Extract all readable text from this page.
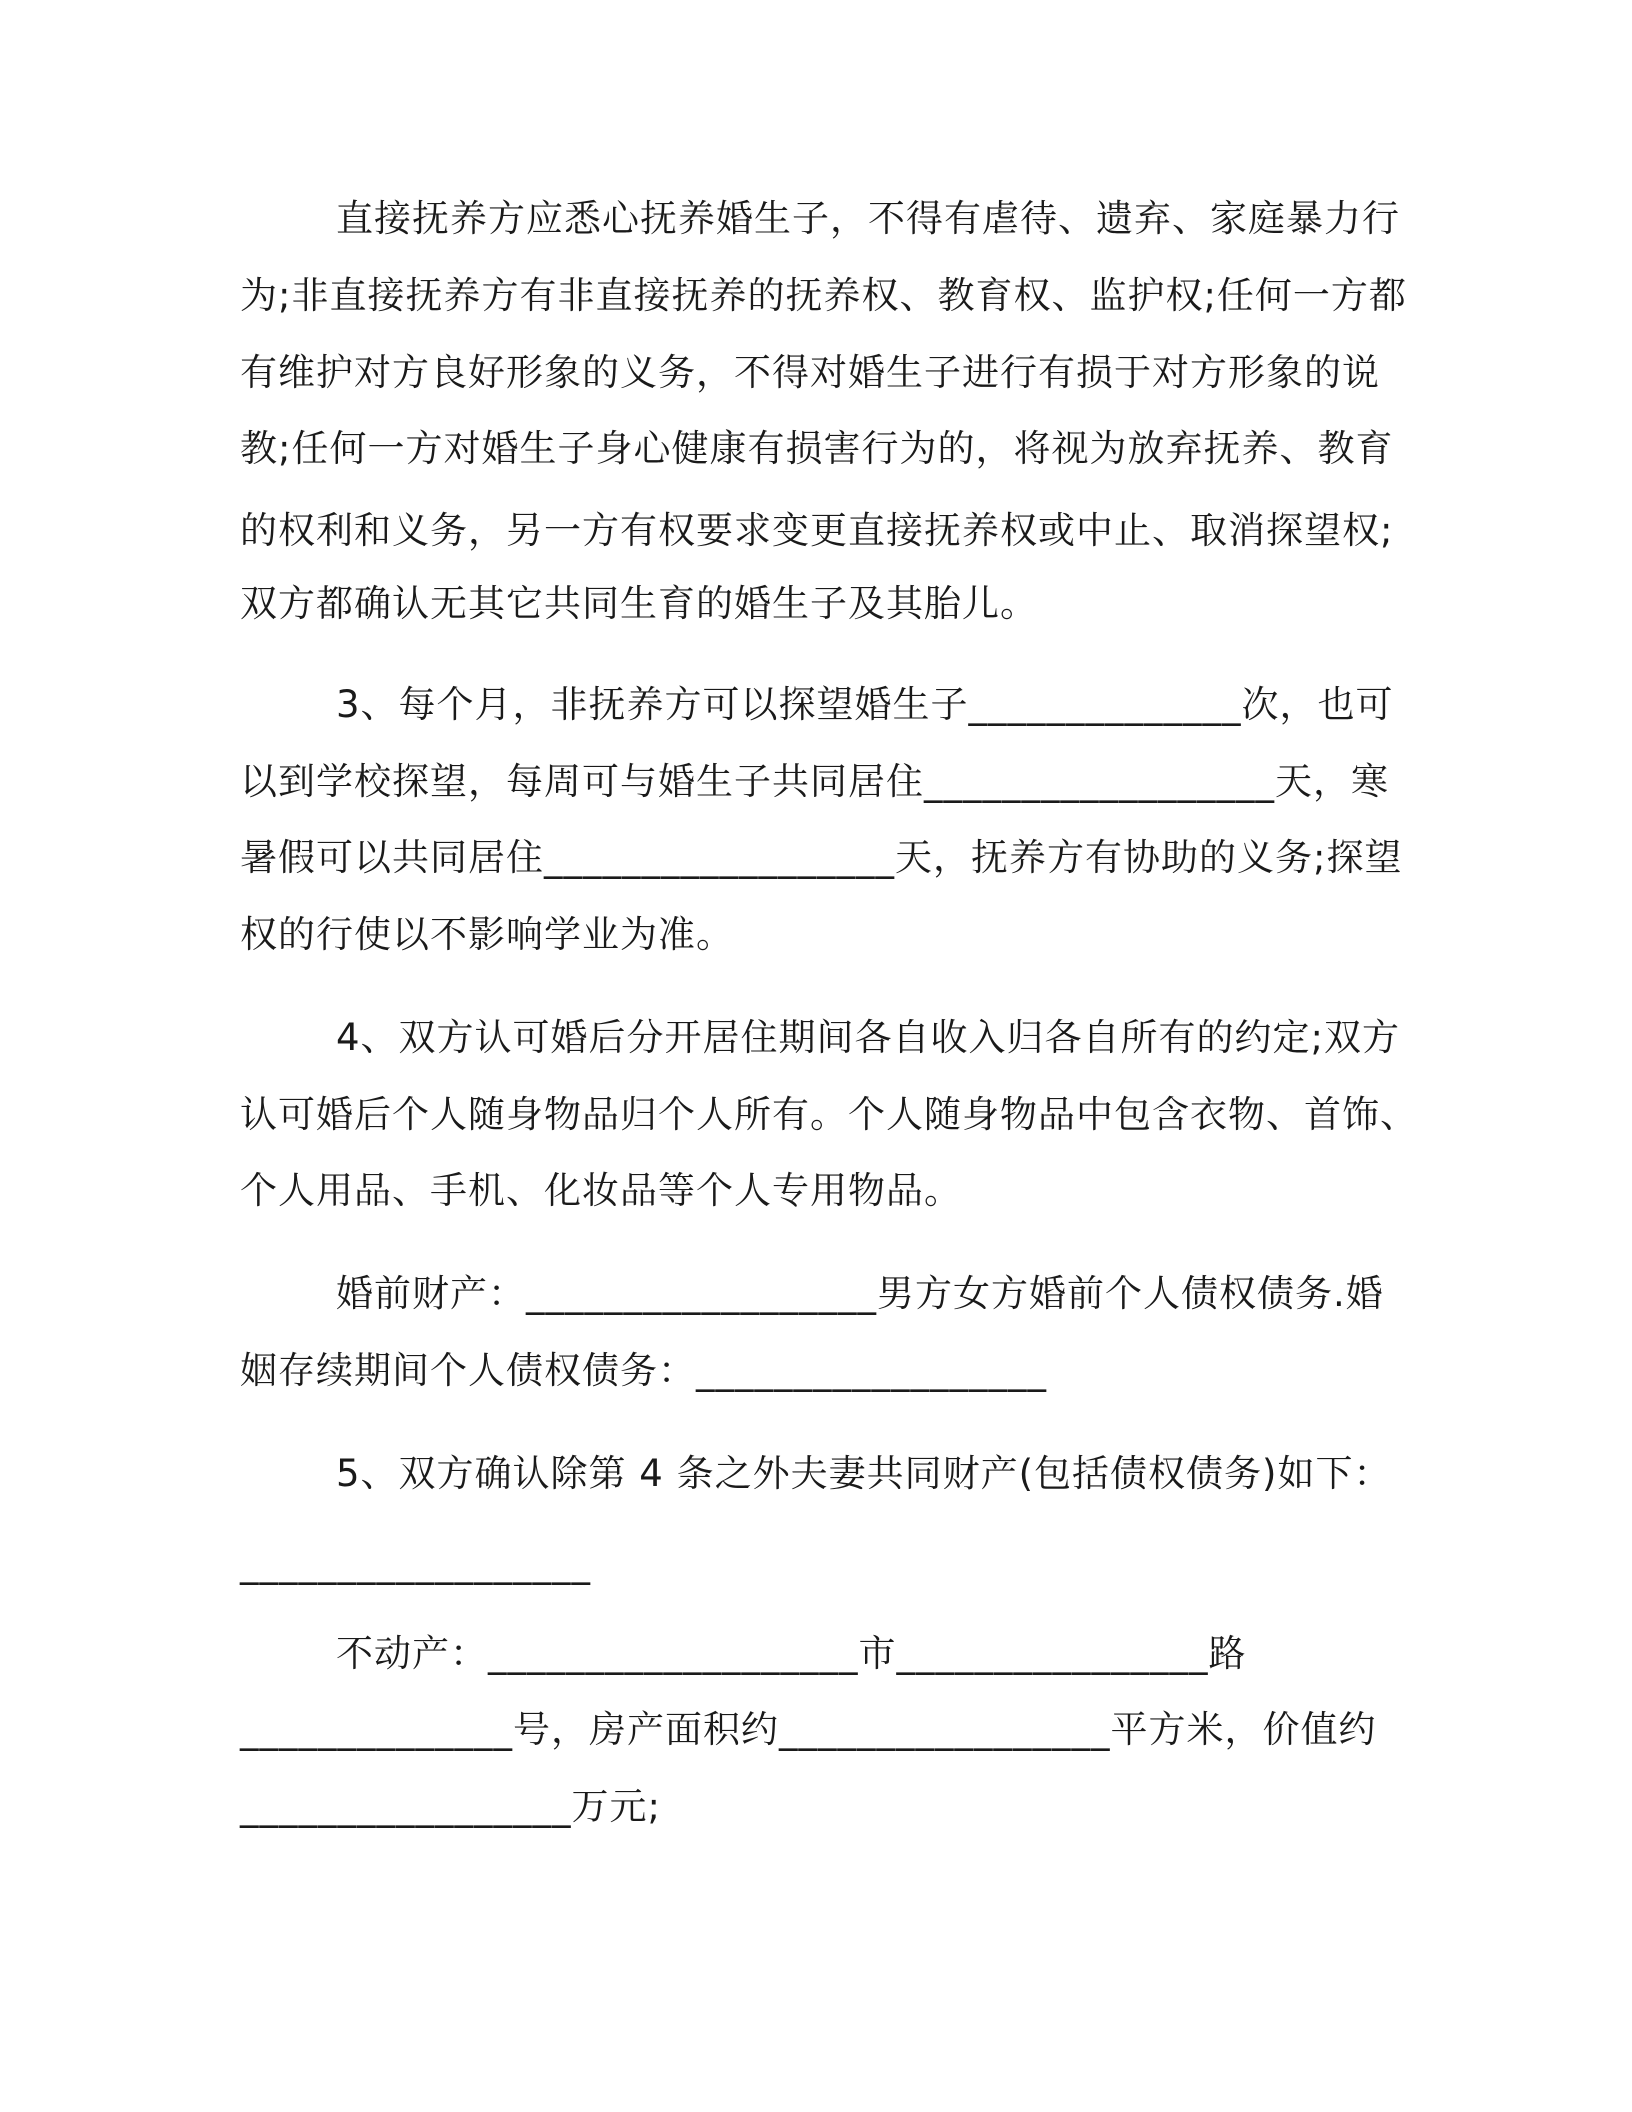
直接抚养方应悉心抚养婚生子，不得有虐待、遗弃、家庭暴力行
为;非直接抚养方有非直接抚养的抚养权、教育权、监护权;任何一方都
有维护对方良好形象的义务，不得对婚生子进行有损于对方形象的说
教;任何一方对婚生子身心健康有损害行为的，将视为放弃抚养、教育
的权利和义务，另一方有权要求变更直接抚养权或中止、取消探望权;
双方都确认无其它共同生育的婚生子及其胎儿。
3、每个月，非抚养方可以探望婚生子______________次，也可
以到学校探望，每周可与婚生子共同居住__________________天，寒
暑假可以共同居住__________________天，抚养方有协助的义务;探望
权的行使以不影响学业为准。
4、双方认可婚后分开居住期间各自收入归各自所有的约定;双方
认可婚后个人随身物品归个人所有。个人随身物品中包含衣物、首饰、
个人用品、手机、化妆品等个人专用物品。
婚前财产：__________________男方女方婚前个人债权债务.婚
姻存续期间个人债权债务：__________________
5、双方确认除第 4 条之外夫妻共同财产(包括债权债务)如下：
__________________
不动产：___________________市________________路
______________号，房产面积约_________________平方米，价值约
_________________万元;
